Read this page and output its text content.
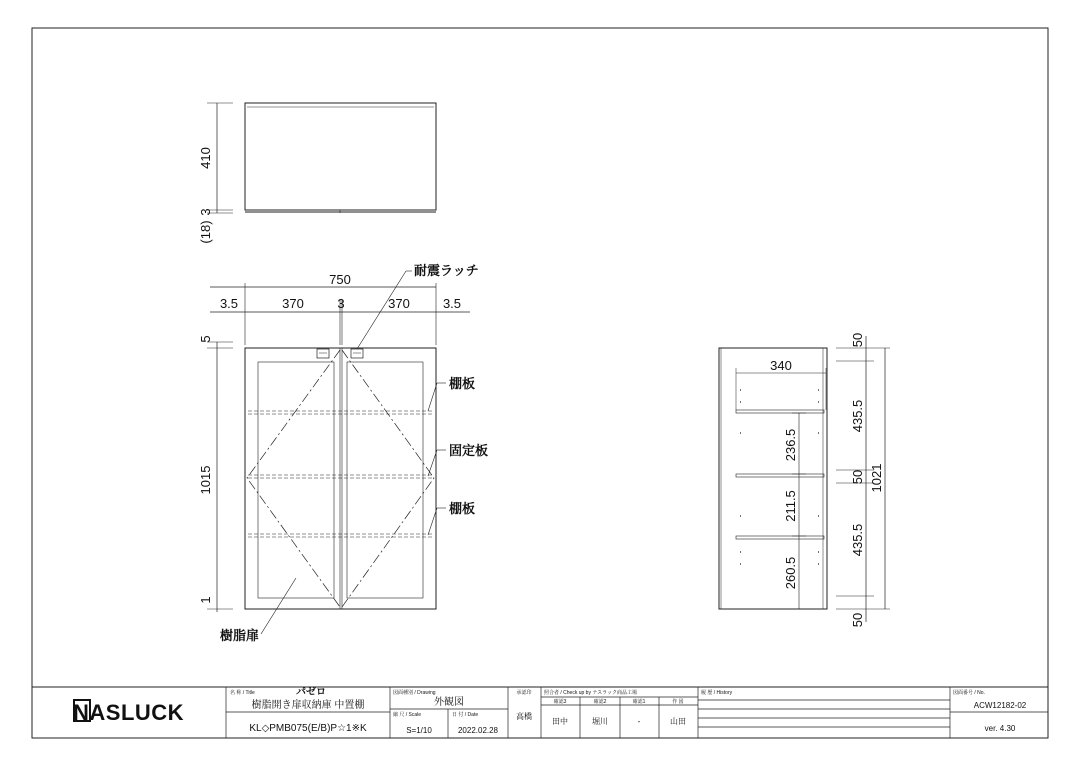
410
3
(18)
750
3.5	370	3	370	3.5
5
1015
1
耐震ラッチ
棚板
固定板
棚板
樹脂扉
340
50
435.5
50
435.5
50
1021
236.5
211.5
260.5
NASLUCK
名 称 / Title	パゼロ
樹脂開き扉収納庫 中置棚
KL◇PMB075(E/B)P☆1※K
図面種別 / Drawing
外観図
縮 尺 / Scale
S=1/10
日 付 / Date
2022.02.28
承認印
高橋
照合者 / Check up by ナスラック商品工場
確認3	確認2	確認1	作 図
田中	堀川	-	山田
履 歴 / History	図面番号 / No.
ACW12182-02
ver. 4.30
